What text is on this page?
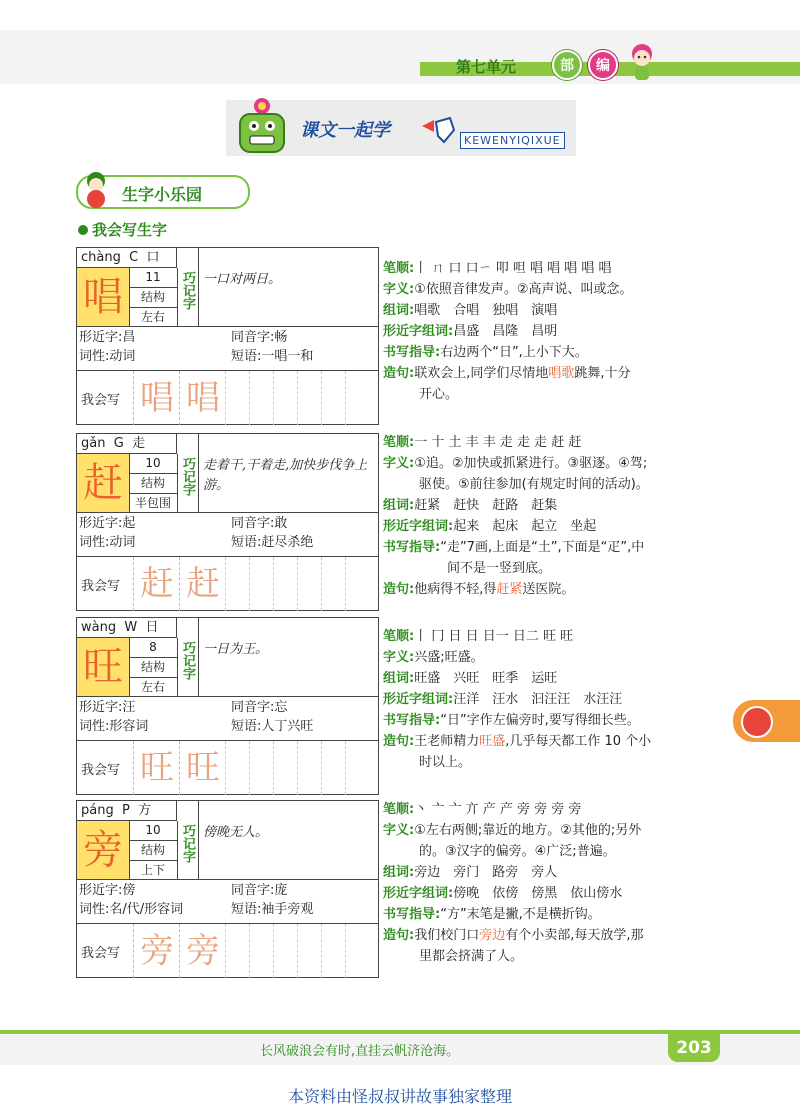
第七单元	部	编
课文一起学	KEWENYIQIXUE
生字小乐园
我会写生字
chàng C 口
唱	11
结构
左右
巧记字 一口对两日。
形近字:昌	同音字:畅
词性:动词	短语:一唱一和
我会写 唱 唱
笔顺:丨 ㄇ 口 口ㄧ 叩 呾 唱 唱 唱 唱 唱
字义:①依照音律发声。②高声说、叫或念。
组词:唱歌　合唱　独唱　演唱
形近字组词:昌盛　昌隆　昌明
书写指导:右边两个“日”,上小下大。
造句:联欢会上,同学们尽情地唱歌跳舞,十分
开心。
gǎn G 走
赶	10
结构
半包围
巧记字 走着干,干着走,加快步伐争上游。
形近字:起	同音字:敢
词性:动词	短语:赶尽杀绝
我会写 赶 赶
笔顺:一 十 土 丰 丰 走 走 走 赶 赶
字义:①追。②加快或抓紧进行。③驱逐。④驾;
驱使。⑤前往参加(有规定时间的活动)。
组词:赶紧　赶快　赶路　赶集
形近字组词:起来　起床　起立　坐起
书写指导:“走”7画,上面是“土”,下面是“疋”,中
间不是一竖到底。
造句:他病得不轻,得赶紧送医院。
wàng W 日
旺	8
结构
左右
巧记字 一日为王。
形近字:汪	同音字:忘
词性:形容词	短语:人丁兴旺
我会写 旺 旺
笔顺:丨 冂 日 日 日一 日二 旺 旺
字义:兴盛;旺盛。
组词:旺盛　兴旺　旺季　运旺
形近字组词:汪洋　汪水　汩汪汪　水汪汪
书写指导:“日”字作左偏旁时,要写得细长些。
造句:王老师精力旺盛,几乎每天都工作 10 个小
时以上。
páng P 方
旁	10
结构
上下
巧记字 傍晚无人。
形近字:傍	同音字:庞
词性:名/代/形容词	短语:袖手旁观
我会写 旁 旁
笔顺:丶 亠 亠 亣 产 产 旁 旁 旁 旁
字义:①左右两侧;靠近的地方。②其他的;另外
的。③汉字的偏旁。④广泛;普遍。
组词:旁边　旁门　路旁　旁人
形近字组词:傍晚　依傍　傍黑　依山傍水
书写指导:“方”末笔是撇,不是横折钩。
造句:我们校门口旁边有个小卖部,每天放学,那
里都会挤满了人。
长风破浪会有时,直挂云帆济沧海。	203
本资料由怪叔叔讲故事独家整理
